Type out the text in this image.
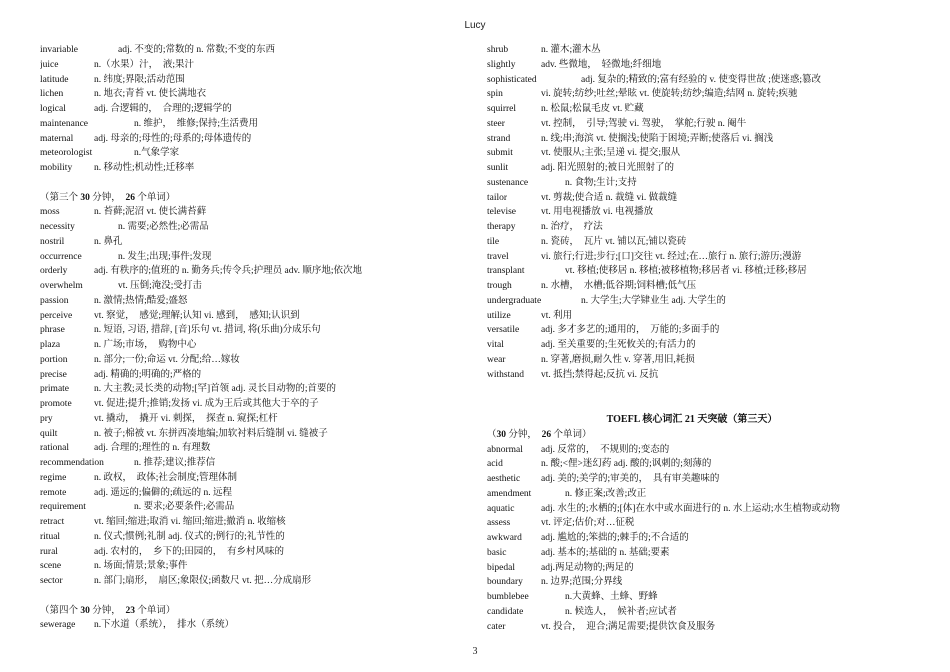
Lucy
invariable	adj. 不变的;常数的 n. 常数;不变的东西
juice	n.（水果）汁，　液;果汁
latitude	n. 纬度;界限;活动范围
lichen	n. 地衣;青苔 vt. 使长满地衣
logical	adj. 合逻辑的，　合理的;逻辑学的
maintenance	n. 维护，　维修;保持;生活费用
maternal adj. 母亲的;母性的;母系的;母体遗传的
meteorologist	n.气象学家
mobility n. 移动性;机动性;迁移率
（第三个 30 分钟，　26 个单词）
moss	n. 苔藓;泥沼 vt. 使长满苔藓
necessity	n. 需要;必然性;必需品
nostril	n. 鼻孔
occurrence	n. 发生;出现;事件;发现
orderly	adj. 有秩序的;值班的 n. 勤务兵;传令兵;护理员 adv. 顺序地;依次地
overwhelm	vt. 压倒;淹没;受打击
passion	n. 激情;热情;酷爱;盛怒
perceive vt. 察觉，　感觉;理解;认知 vi. 感到，　感知;认识到
phrase	n. 短语, 习语, 措辞, [音]乐句 vt. 措词, 将(乐曲)分成乐句
plaza	n. 广场;市场，　购物中心
portion	n. 部分;一份;命运 vt. 分配;给…嫁妆
precise	adj. 精确的;明确的;严格的
primate	n. 大主教;灵长类的动物;[罕]首领 adj. 灵长目动物的;首要的
promote vt. 促进;提升;推销;发扬 vi. 成为王后或其他大于卒的子
pry	vt. 撬动，　撬开 vi. 刺探，　探查 n. 窥探;杠杆
quilt	n. 被子;棉被 vt. 东拼西凑地编;加软衬料后缝制 vi. 缝被子
rational	adj. 合理的;理性的 n. 有理数
recommendation	n. 推荐;建议;推荐信
regime	n. 政权，　政体;社会制度;管理体制
remote	adj. 遥远的;偏僻的;疏远的 n. 远程
requirement	n. 要求;必要条件;必需品
retract	vt. 缩回;缩进;取消 vi. 缩回;缩进;撤消 n. 收缩核
ritual	n. 仪式;惯例;礼制 adj. 仪式的;例行的;礼节性的
rural	adj. 农村的，　乡下的;田园的，　有乡村风味的
scene	n. 场面;情景;景象;事件
sector	n. 部门;扇形，　扇区;象限仪;函数尺 vt. 把…分成扇形
（第四个 30 分钟，　23 个单词）
sewerage n.下水道（系统），　排水（系统）
shrub	n. 灌木;灌木丛
slightly	adv. 些微地，　轻微地;纤细地
sophisticated	adj. 复杂的;精致的;富有经验的 v. 使变得世故 ;使迷惑;篡改
spin	vi. 旋转;纺纱;吐丝;晕眩 vt. 使旋转;纺纱;编造;结网 n. 旋转;疾驰
squirrel	n. 松鼠;松鼠毛皮 vt. 贮藏
steer	vt. 控制，　引导;驾驶 vi. 驾驶，　掌舵;行驶 n. 阉牛
strand	n. 线;串;海滨 vt. 使搁浅;使陷于困境;弄断;使落后 vi. 搁浅
submit	vt. 使服从;主张;呈递 vi. 提交;服从
sunlit	adj. 阳光照射的;被日光照射了的
sustenance	n. 食物;生计;支持
tailor	vt. 剪裁;使合适 n. 裁缝 vi. 做裁缝
televise	vt. 用电视播放 vi. 电视播放
therapy	n. 治疗，　疗法
tile	n. 瓷砖，　瓦片 vt. 铺以瓦;铺以瓷砖
travel	vi. 旅行;行进;步行;[口]交往 vt. 经过;在…旅行 n. 旅行;游历;漫游
transplant	vt. 移植;使移居 n. 移植;被移植物;移居者 vi. 移植;迁移;移居
trough	n. 水槽，　水槽;低谷期;饲料槽;低气压
undergraduate	n. 大学生;大学肄业生 adj. 大学生的
utilize	vt. 利用
versatile adj. 多才多艺的;通用的，　万能的;多面手的
vital	adj. 至关重要的;生死攸关的;有活力的
wear	n. 穿著,磨损,耐久性 v. 穿著,用旧,耗损
withstand vt. 抵挡;禁得起;反抗 vi. 反抗
TOEFL 核心词汇 21 天突破（第三天）
（30 分钟，　26 个单词）
abnormal adj. 反常的，　不规则的;变态的
acid	n. 酸;<俚>迷幻药 adj. 酸的;讽刺的;刻薄的
aesthetic adj. 美的;美学的;审美的，　具有审美趣味的
amendment	n. 修正案;改善;改正
aquatic	adj. 水生的;水栖的;[体]在水中或水面进行的 n. 水上运动;水生植物或动物
assess	vt. 评定;估价;对…征税
awkward adj. 尴尬的;笨拙的;棘手的;不合适的
basic	adj. 基本的;基础的 n. 基础;要素
bipedal	adj.两足动物的;两足的
boundary n. 边界;范围;分界线
bumblebee	n.大黄蜂、土蜂、野蜂
candidate	n. 候选人，　候补者;应试者
cater	vt. 投合，　迎合;满足需要;提供饮食及服务
3
